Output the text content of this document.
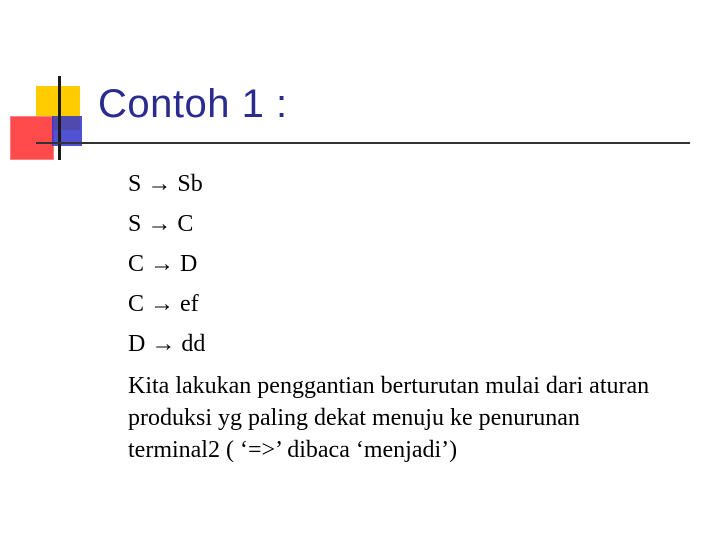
Contoh 1 :
S → Sb
S → C
C → D
C → ef
D → dd
Kita lakukan penggantian berturutan mulai dari aturan produksi yg paling dekat menuju ke penurunan terminal2 ( ‘=>’ dibaca ‘menjadi’)
